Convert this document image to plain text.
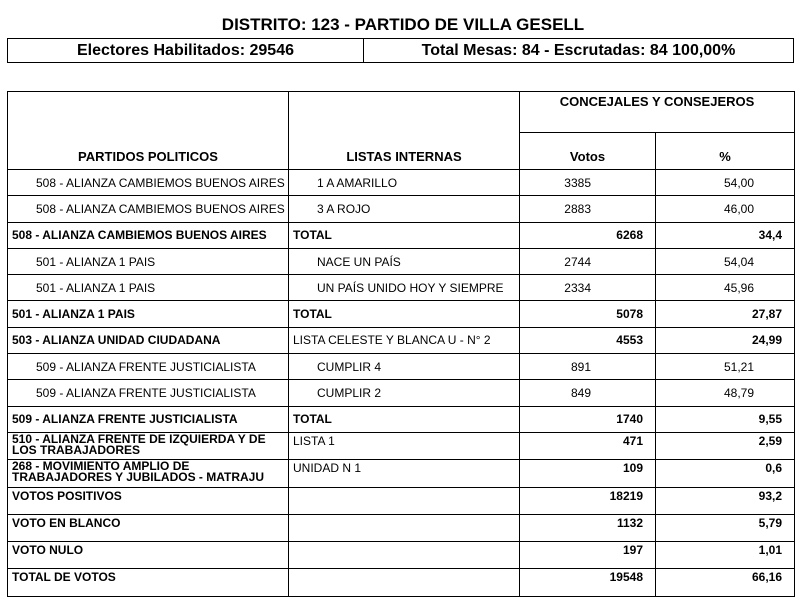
DISTRITO: 123 - PARTIDO DE VILLA GESELL
Electores Habilitados: 29546	Total Mesas: 84 - Escrutadas: 84 100,00%
PARTIDOS POLITICOS	LISTAS INTERNAS	CONCEJALES Y CONSEJEROS	
		Votos	%
508 - ALIANZA CAMBIEMOS BUENOS AIRES	1 A AMARILLO	3385	54,00
508 - ALIANZA CAMBIEMOS BUENOS AIRES	3 A ROJO	2883	46,00
508 - ALIANZA CAMBIEMOS BUENOS AIRES	TOTAL	6268	34,4
501 - ALIANZA 1 PAIS	NACE UN PAÍS	2744	54,04
501 - ALIANZA 1 PAIS	UN PAÍS UNIDO HOY Y SIEMPRE	2334	45,96
501 - ALIANZA 1 PAIS	TOTAL	5078	27,87
503 - ALIANZA UNIDAD CIUDADANA	LISTA CELESTE Y BLANCA U - N° 2	4553	24,99
509 - ALIANZA FRENTE JUSTICIALISTA	CUMPLIR 4	891	51,21
509 - ALIANZA FRENTE JUSTICIALISTA	CUMPLIR 2	849	48,79
509 - ALIANZA FRENTE JUSTICIALISTA	TOTAL	1740	9,55
510 - ALIANZA FRENTE DE IZQUIERDA Y DE LOS TRABAJADORES	LISTA 1	471	2,59
268 - MOVIMIENTO AMPLIO DE TRABAJADORES Y JUBILADOS - MATRAJU	UNIDAD N 1	109	0,6
VOTOS POSITIVOS		18219	93,2
VOTO EN BLANCO		1132	5,79
VOTO NULO		197	1,01
TOTAL DE VOTOS		19548	66,16
